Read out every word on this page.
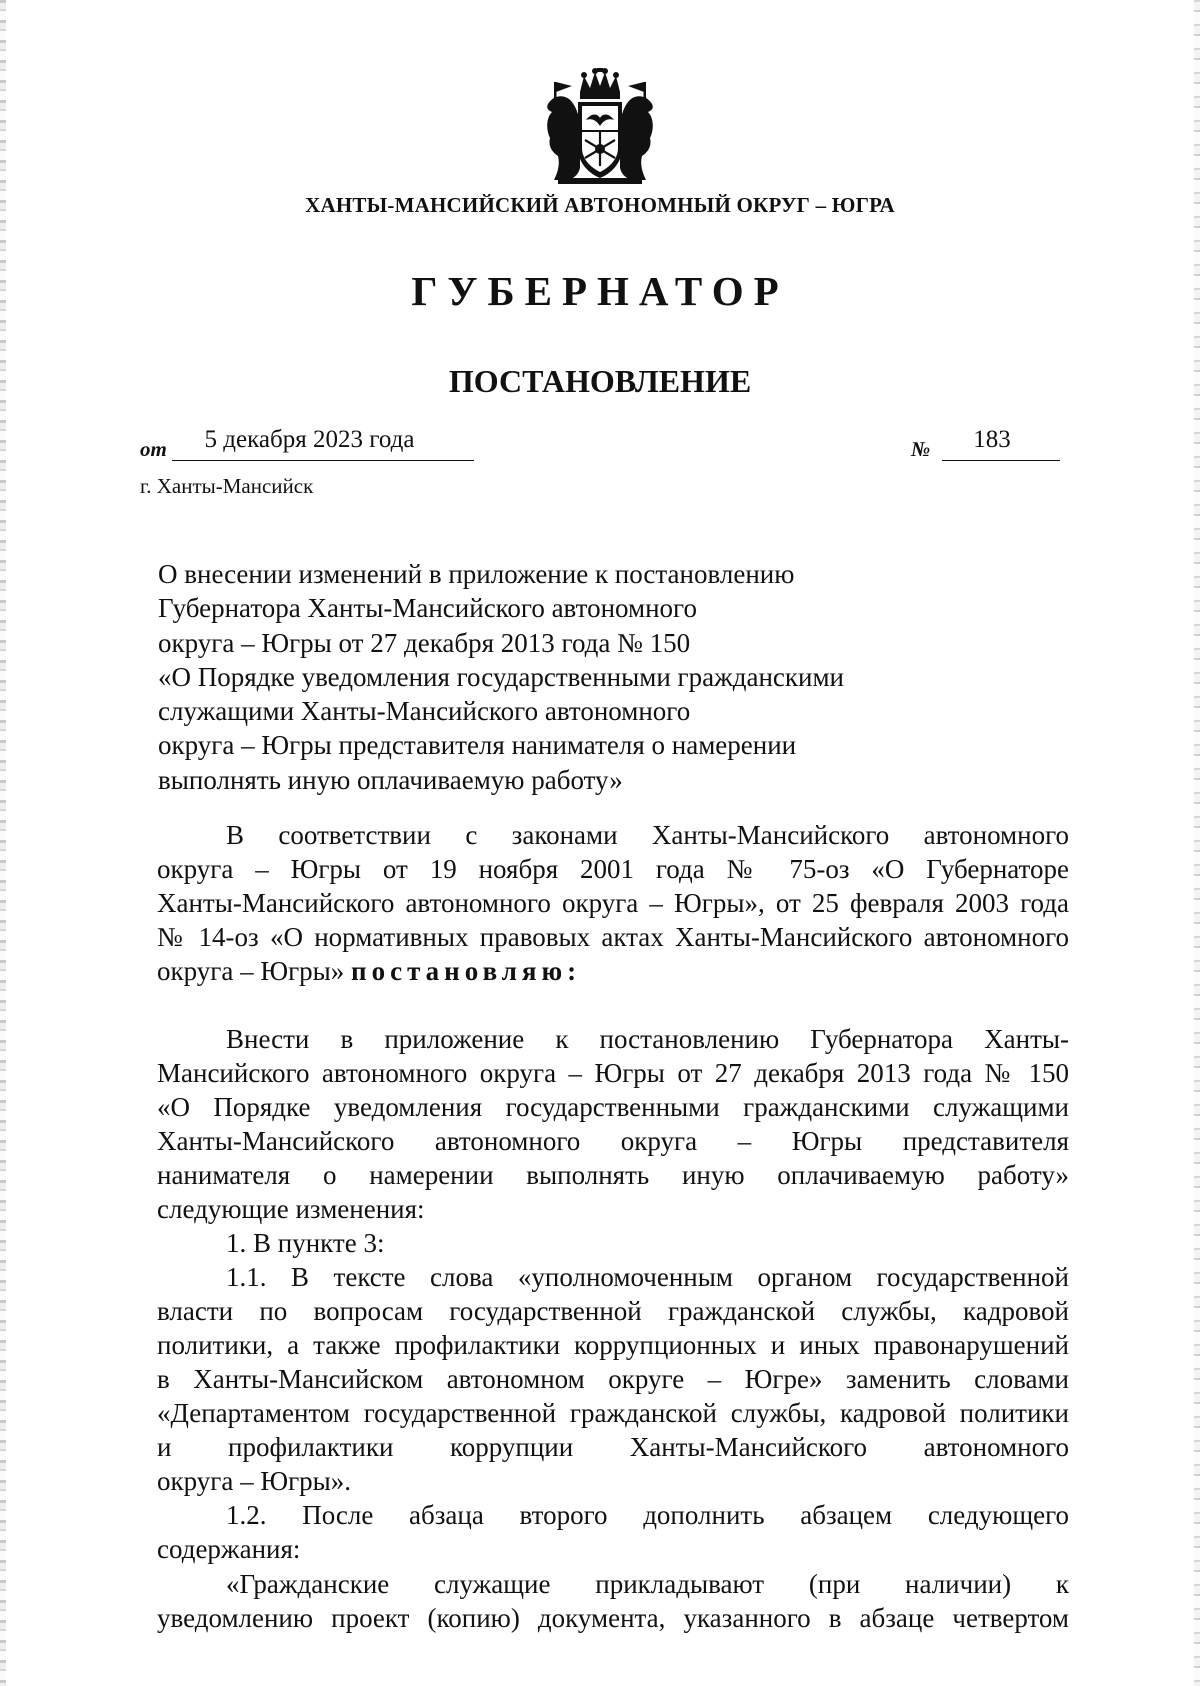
ХАНТЫ-МАНСИЙСКИЙ АВТОНОМНЫЙ ОКРУГ – ЮГРА
ГУБЕРНАТОР
ПОСТАНОВЛЕНИЕ
от	5 декабря 2023 года	№	183
г. Ханты-Мансийск
О внесении изменений в приложение к постановлению
Губернатора Ханты-Мансийского автономного
округа – Югры от 27 декабря 2013 года № 150
«О Порядке уведомления государственными гражданскими
служащими Ханты-Мансийского автономного
округа – Югры представителя нанимателя о намерении
выполнять иную оплачиваемую работу»
В соответствии с законами Ханты-Мансийского автономного
округа – Югры от 19 ноября 2001 года № 75-оз «О Губернаторе
Ханты-Мансийского автономного округа – Югры», от 25 февраля 2003 года
№ 14-оз «О нормативных правовых актах Ханты-Мансийского автономного
округа – Югры» постановляю:
Внести в приложение к постановлению Губернатора Ханты-
Мансийского автономного округа – Югры от 27 декабря 2013 года № 150
«О Порядке уведомления государственными гражданскими служащими
Ханты-Мансийского автономного округа – Югры представителя
нанимателя о намерении выполнять иную оплачиваемую работу»
следующие изменения:
1. В пункте 3:
1.1. В тексте слова «уполномоченным органом государственной
власти по вопросам государственной гражданской службы, кадровой
политики, а также профилактики коррупционных и иных правонарушений
в Ханты-Мансийском автономном округе – Югре» заменить словами
«Департаментом государственной гражданской службы, кадровой политики
и профилактики коррупции Ханты-Мансийского автономного
округа – Югры».
1.2. После абзаца второго дополнить абзацем следующего
содержания:
«Гражданские служащие прикладывают (при наличии) к
уведомлению проект (копию) документа, указанного в абзаце четвертом
